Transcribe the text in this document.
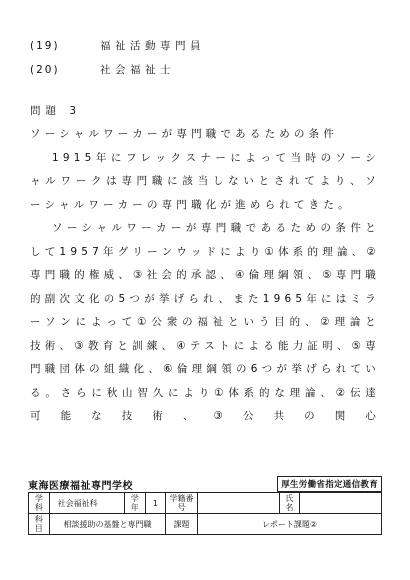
(19)	福祉活動専門員
(20)	社会福祉士
問題 3

ソーシャルワーカーが専門職であるための条件

1915年にフレックスナーによって当時のソーシャルワークは専門職に該当しないとされてより、ソーシャルワーカーの専門職化が進められてきた。

ソーシャルワーカーが専門職であるための条件として1957年グリーンウッドにより①体系的理論、②専門職的権威、③社会的承認、④倫理綱領、⑤専門職的副次文化の5つが挙げられ、また1965年にはミラーソンによって①公衆の福祉という目的、②理論と技術、③教育と訓練、④テストによる能力証明、⑤専門職団体の組織化、⑥倫理綱領の6つが挙げられている。さらに秋山智久により①体系的な理論、②伝達可能な技術、③公共の関心

東海医療福祉専門学校	厚生労働省指定通信教育
学科	社会福祉科	学年	1	学籍番号		氏名	
科目	相談援助の基盤と専門職			課題	レポート課題②		
